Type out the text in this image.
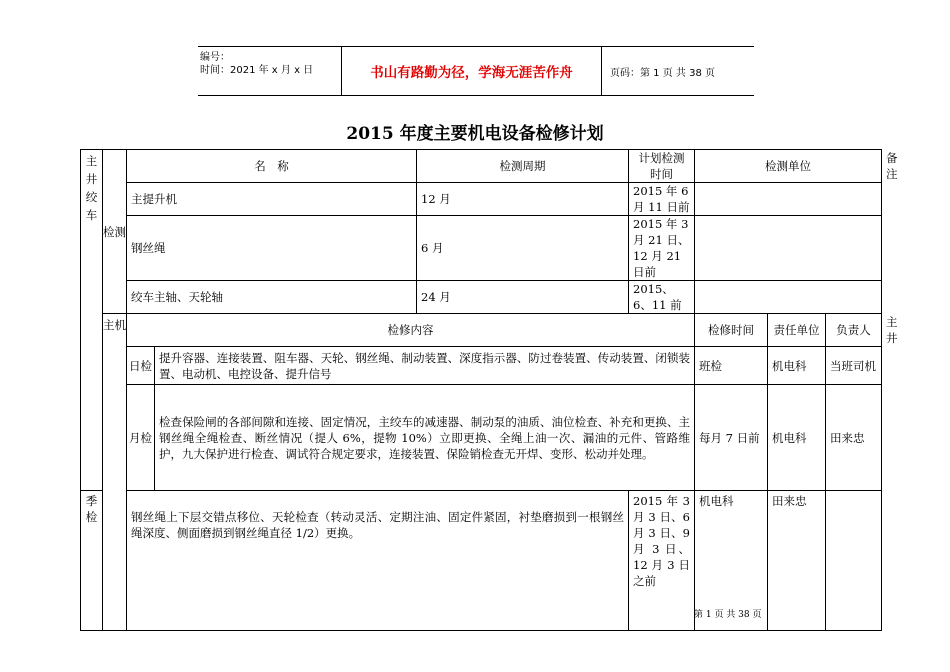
编号：
时间：2021 年 x 月 x 日	书山有路勤为径，学海无涯苦作舟	页码：第 1 页 共 38 页
2015 年度主要机电设备检修计划
主井绞车	检测	名　称		检测周期	计划检测时间	检测单位			备注
		主提升机		12 月	2015 年 6 月 11 日前				
		钢丝绳		6 月	2015 年 3 月 21 日、12 月 21 日前				
		绞车主轴、天轮轴		24 月	2015、6、11 前				
	主机	检修内容				检修时间	责任单位	负责人	主井
		日检	提升容器、连接装置、阻车器、天轮、钢丝绳、制动装置、深度指示器、防过卷装置、传动装置、闭锁装置、电动机、电控设备、提升信号			班检	机电科	当班司机	
		月检	检查保险闸的各部间隙和连接、固定情况，主绞车的减速器、制动泵的油质、油位检查、补充和更换、主钢丝绳全绳检查、断丝情况（提人 6%，提物 10%）立即更换、全绳上油一次、漏油的元件、管路维护，九大保护进行检查、调试符合规定要求，连接装置、保险销检查无开焊、变形、松动并处理。			每月 7 日前	机电科	田来忠	
季检		钢丝绳上下层交错点移位、天轮检查（转动灵活、定期注油、固定件紧固，衬垫磨损到一根钢丝绳深度、侧面磨损到钢丝绳直径 1/2）更换。			2015 年 3 月 3 日、6 月 3 日、9 月 3 日、12 月 3 日之前	机电科	田来忠		
第 1 页 共 38 页
